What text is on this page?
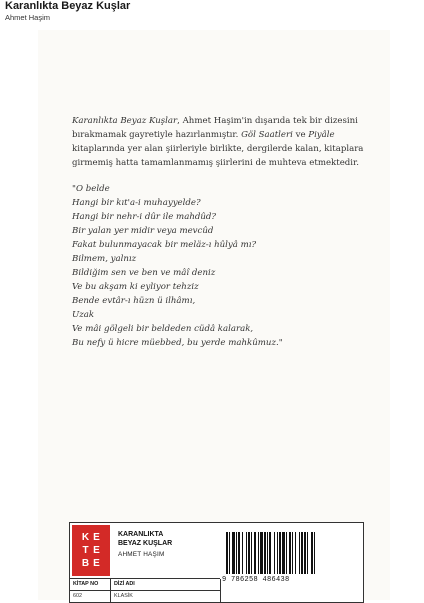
Karanlıkta Beyaz Kuşlar
Ahmet Haşim

Karanlıkta Beyaz Kuşlar, Ahmet Haşim'in dışarıda tek bir dizesini bırakmamak gayretiyle hazırlanmıştır. Göl Saatleri ve Piyâle kitaplarında yer alan şiirleriyle birlikte, dergilerde kalan, kitaplara girmemiş hatta tamamlanmamış şiirlerini de muhteva etmektedir.

"O belde
Hangi bir kıt'a-i muhayyelde?
Hangi bir nehr-i dûr ile mahdûd?
Bir yalan yer midir veya mevcûd
Fakat bulunmayacak bir meläz-ı hûlyâ mı?
Bilmem, yalnız
Bildiğim sen ve ben ve mâî deniz
Ve bu akşam ki eyliyor tehziz
Bende evtâr-ı hüzn ü ilhâmı,
Uzak
Ve mâi gölgeli bir beldeden cüdâ kalarak,
Bu nefy ü hicre müebbed, bu yerde mahkûmuz."
K E
T E
B E
KARANLIKTA
BEYAZ KUŞLAR
AHMET HAŞIM
9 786258 486438
KİTAP NO
602
DİZİ ADI
KLASİK
